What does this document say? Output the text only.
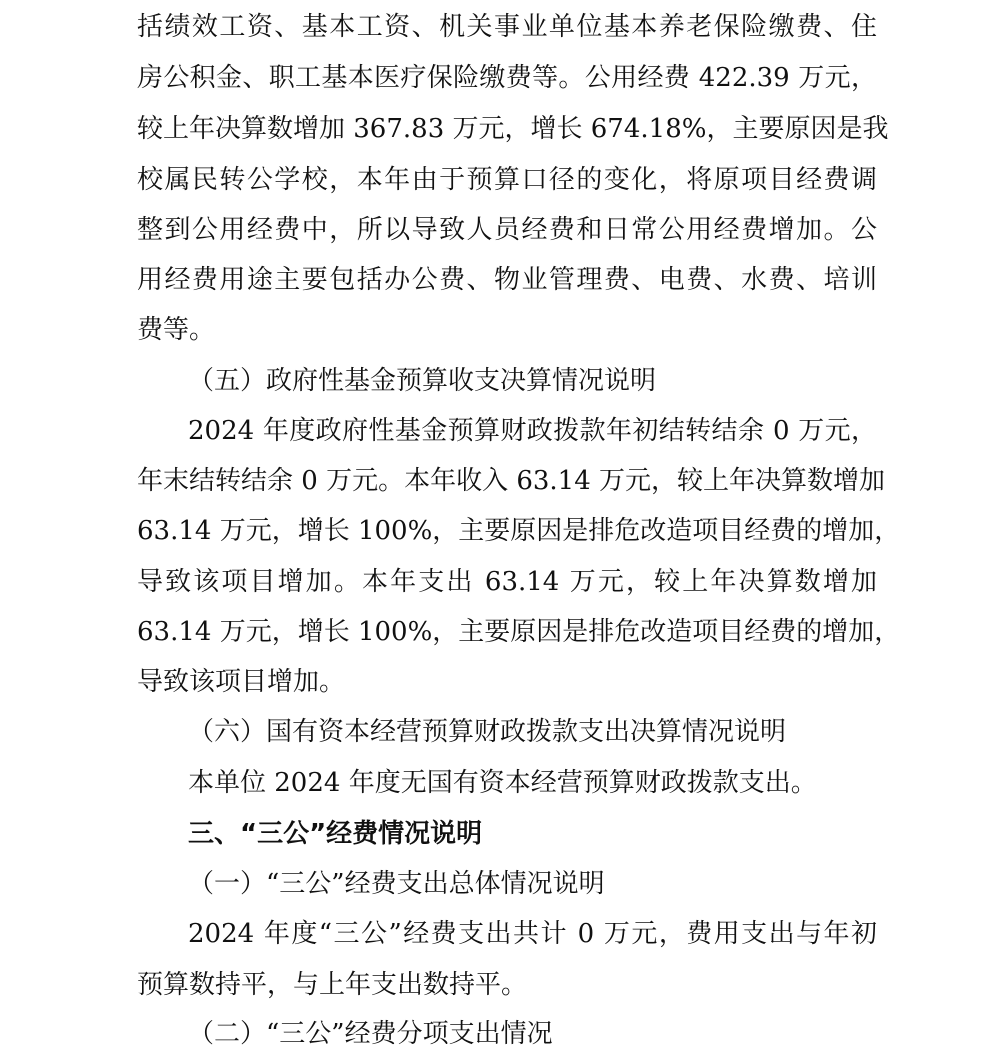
括绩效工资、基本工资、机关事业单位基本养老保险缴费、住
房公积金、职工基本医疗保险缴费等。公用经费 422.39 万元，
较上年决算数增加 367.83 万元，增长 674.18%，主要原因是我
校属民转公学校，本年由于预算口径的变化，将原项目经费调
整到公用经费中，所以导致人员经费和日常公用经费增加。公
用经费用途主要包括办公费、物业管理费、电费、水费、培训
费等。
（五）政府性基金预算收支决算情况说明
2024 年度政府性基金预算财政拨款年初结转结余 0 万元，
年末结转结余 0 万元。本年收入 63.14 万元，较上年决算数增加
63.14 万元，增长 100%，主要原因是排危改造项目经费的增加，
导致该项目增加。本年支出 63.14 万元，较上年决算数增加
63.14 万元，增长 100%，主要原因是排危改造项目经费的增加，
导致该项目增加。
（六）国有资本经营预算财政拨款支出决算情况说明
本单位 2024 年度无国有资本经营预算财政拨款支出。
三、“三公”经费情况说明
（一）“三公”经费支出总体情况说明
2024 年度“三公”经费支出共计 0 万元，费用支出与年初
预算数持平，与上年支出数持平。
（二）“三公”经费分项支出情况
